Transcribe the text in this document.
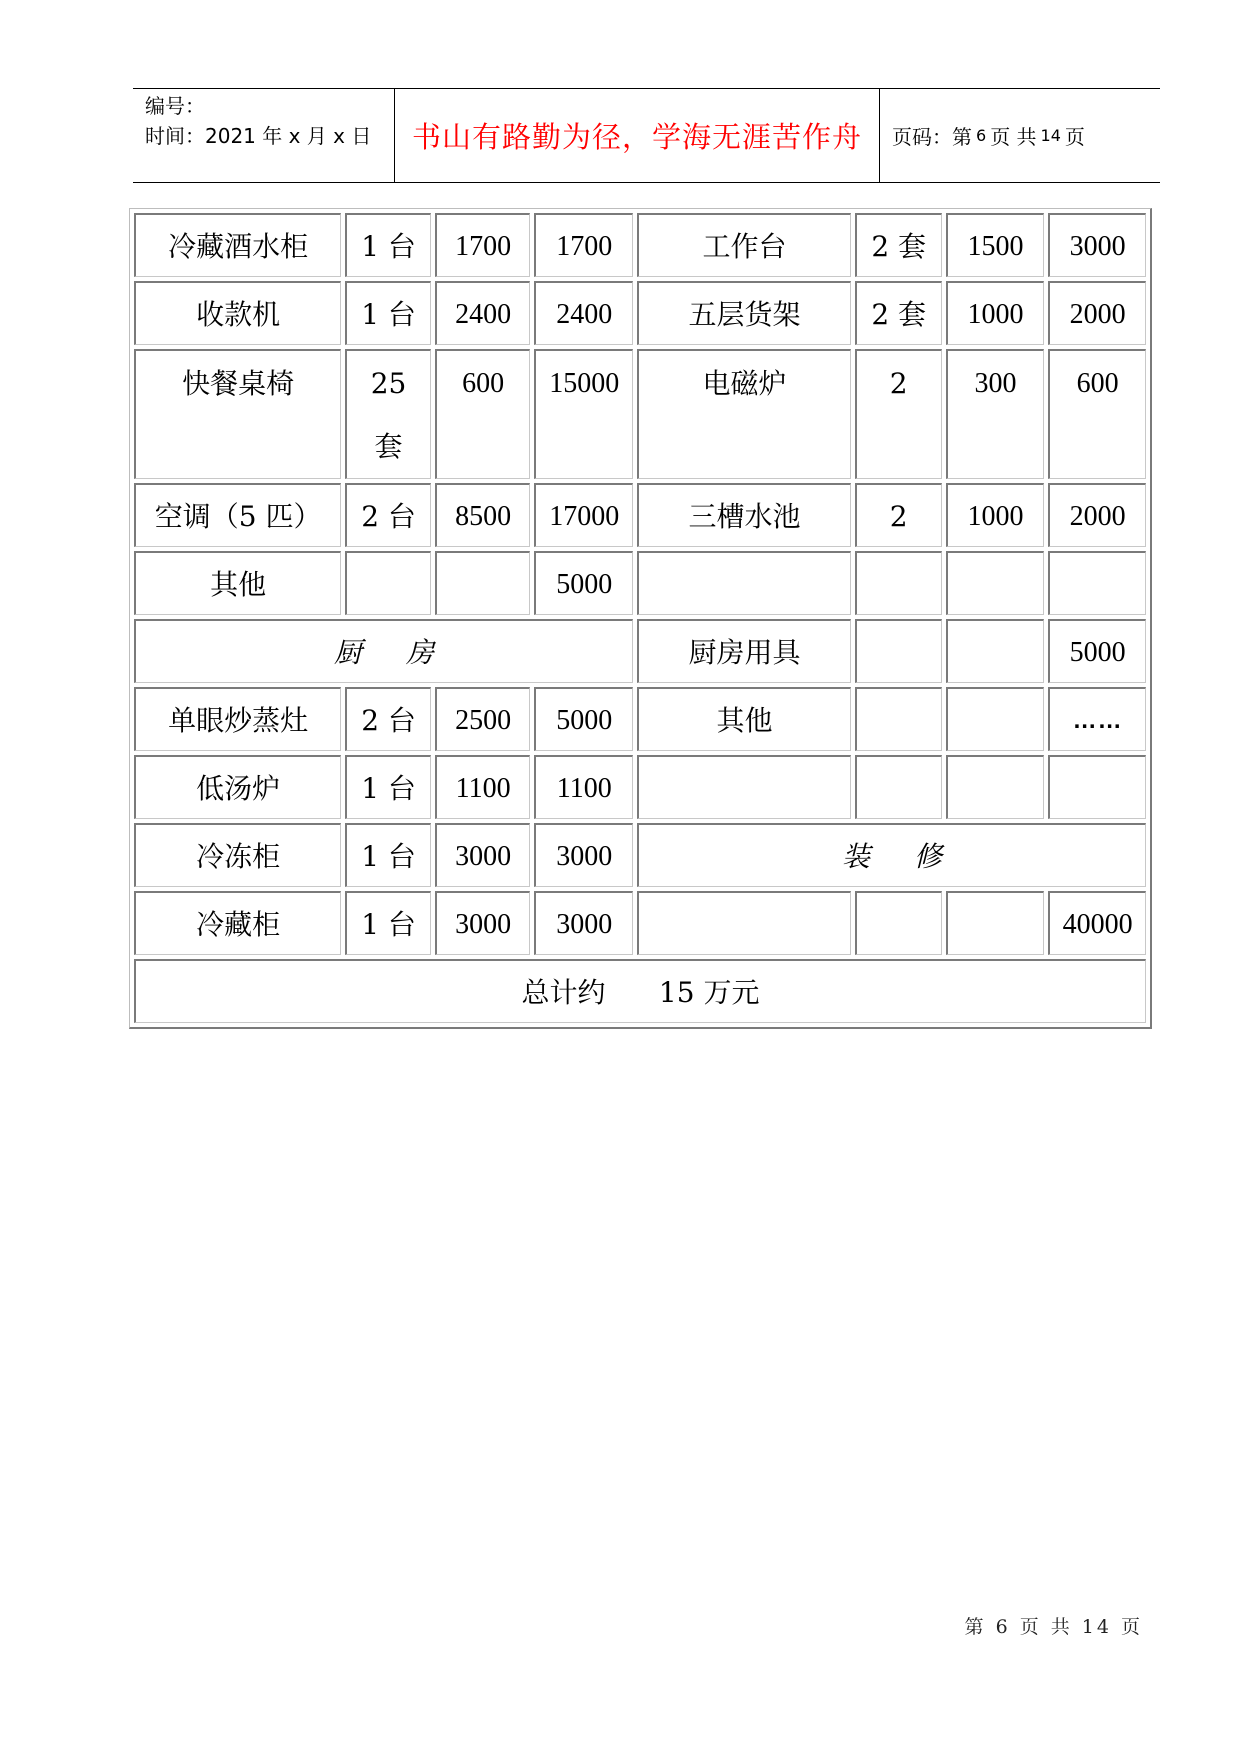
编号：
时间：2021 年 x 月 x 日	书山有路勤为径，学海无涯苦作舟	页码：第 6 页 共 14 页
冷藏酒水柜	1 台	1700	1700	工作台	2 套	1500	3000

收款机	1 台	2400	2400	五层货架	2 套	1000	2000

快餐桌椅	25 套	600	15000	电磁炉	2	300	600

空调（5 匹）	2 台	8500	17000	三槽水池	2	1000	2000

其他			5000				

厨房				厨房用具			5000

单眼炒蒸灶	2 台	2500	5000	其他			……

低汤炉	1 台	1100	1100				

冷冻柜	1 台	3000	3000	装修			

冷藏柜	1 台	3000	3000				40000

总计约      15 万元							
第 6 页 共 14 页
